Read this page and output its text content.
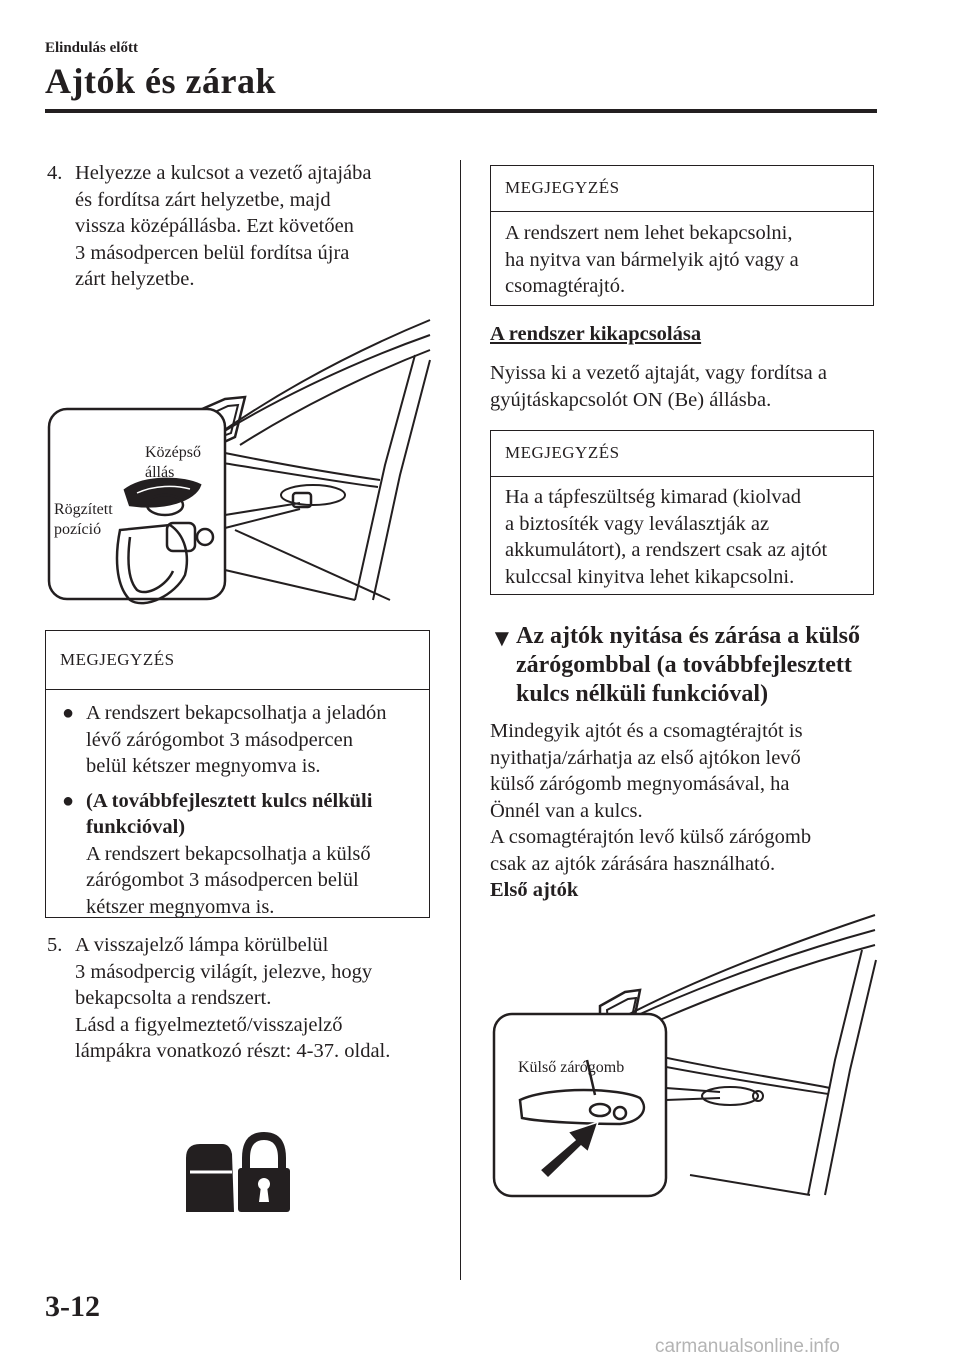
Elindulás előtt
Ajtók és zárak
4. Helyezze a kulcsot a vezető ajtajába
és fordítsa zárt helyzetbe, majd
vissza középállásba. Ezt követően
3 másodpercen belül fordítsa újra
zárt helyzetbe.
Középső
állás
Rögzített
pozíció
MEGJEGYZÉS
● A rendszert bekapcsolhatja a jeladón
lévő zárógombot 3 másodpercen
belül kétszer megnyomva is.
● (A továbbfejlesztett kulcs nélküli
funkcióval)
A rendszert bekapcsolhatja a külső
zárógombot 3 másodpercen belül
kétszer megnyomva is.
5. A visszajelző lámpa körülbelül
3 másodpercig világít, jelezve, hogy
bekapcsolta a rendszert.
Lásd a figyelmeztető/visszajelző
lámpákra vonatkozó részt: 4-37. oldal.
MEGJEGYZÉS
A rendszert nem lehet bekapcsolni,
ha nyitva van bármelyik ajtó vagy a
csomagtérajtó.
A rendszer kikapcsolása
Nyissa ki a vezető ajtaját, vagy fordítsa a
gyújtáskapcsolót ON (Be) állásba.
MEGJEGYZÉS
Ha a tápfeszültség kimarad (kiolvad
a biztosíték vagy leválasztják az
akkumulátort), a rendszert csak az ajtót
kulccsal kinyitva lehet kikapcsolni.
▼ Az ajtók nyitása és zárása a külső
zárógombbal (a továbbfejlesztett
kulcs nélküli funkcióval)
Mindegyik ajtót és a csomagtérajtót is
nyithatja/zárhatja az első ajtókon levő
külső zárógomb megnyomásával, ha
Önnél van a kulcs.
A csomagtérajtón levő külső zárógomb
csak az ajtók zárására használható.
Első ajtók
Külső zárógomb
3-12
carmanualsonline.info
